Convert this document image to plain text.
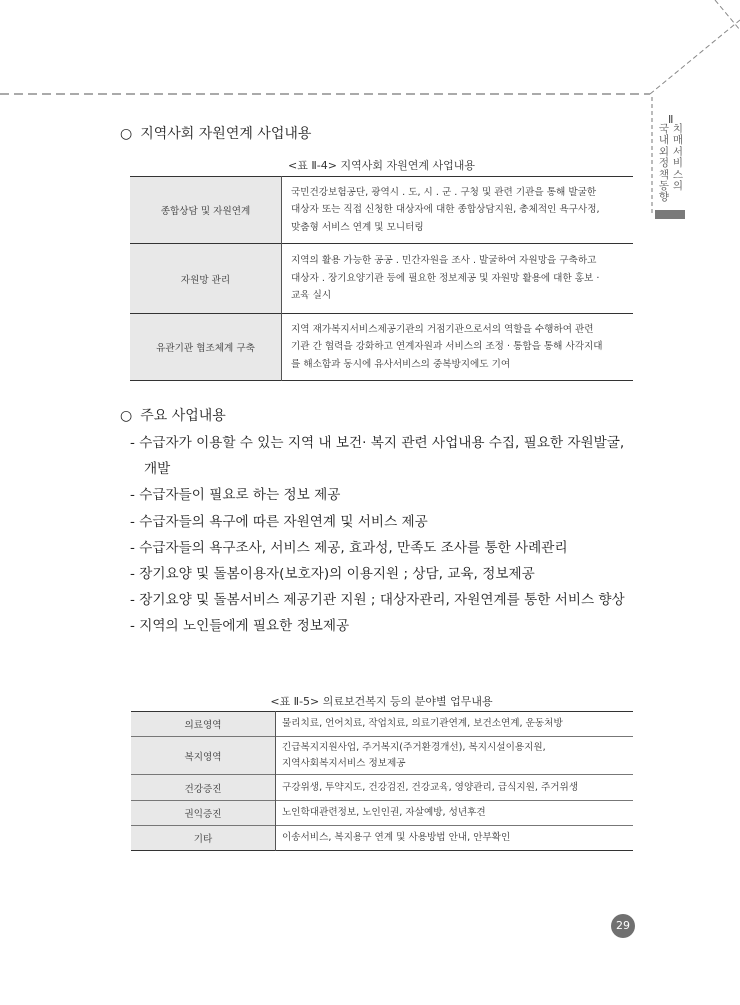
Ⅱ
국내외정책동향
치매서비스의
○ 지역사회 자원연계 사업내용
<표 Ⅱ-4> 지역사회 자원연계 사업내용
종합상담 및 자원연계	국민건강보험공단, 광역시 . 도, 시 . 군 . 구청 및 관련 기관을 통해 발굴한
대상자 또는 직접 신청한 대상자에 대한 종합상담지원, 총체적인 욕구사정,
맞춤형 서비스 연계 및 모니터링

자원망 관리	지역의 활용 가능한 공공 . 민간자원을 조사 . 발굴하여 자원망을 구축하고
대상자 . 장기요양기관 등에 필요한 정보제공 및 자원망 활용에 대한 홍보 ·
교육 실시

유관기관 협조체계 구축	지역 재가복지서비스제공기관의 거점기관으로서의 역할을 수행하여 관련
기관 간 협력을 강화하고 연계자원과 서비스의 조정 · 통합을 통해 사각지대
를 해소함과 동시에 유사서비스의 중복방지에도 기여
○ 주요 사업내용
- 수급자가 이용할 수 있는 지역 내 보건· 복지 관련 사업내용 수집, 필요한 자원발굴, 개발
- 수급자들이 필요로 하는 정보 제공
- 수급자들의 욕구에 따른 자원연계 및 서비스 제공
- 수급자들의 욕구조사, 서비스 제공, 효과성, 만족도 조사를 통한 사례관리
- 장기요양 및 돌봄이용자(보호자)의 이용지원 ; 상담, 교육, 정보제공
- 장기요양 및 돌봄서비스 제공기관 지원 ; 대상자관리, 자원연계를 통한 서비스 향상
- 지역의 노인들에게 필요한 정보제공
<표 Ⅱ-5> 의료보건복지 등의 분야별 업무내용
의료영역	물리치료, 언어치료, 작업치료, 의료기관연계, 보건소연계, 운동처방

복지영역	긴급복지지원사업, 주거복지(주거환경개선), 복지시설이용지원,
지역사회복지서비스 정보제공

건강증진	구강위생, 투약지도, 건강검진, 건강교육, 영양관리, 급식지원, 주거위생

권익증진	노인학대관련정보, 노인인권, 자살예방, 성년후견

기타	이송서비스, 복지용구 연계 및 사용방법 안내, 안부확인
29
